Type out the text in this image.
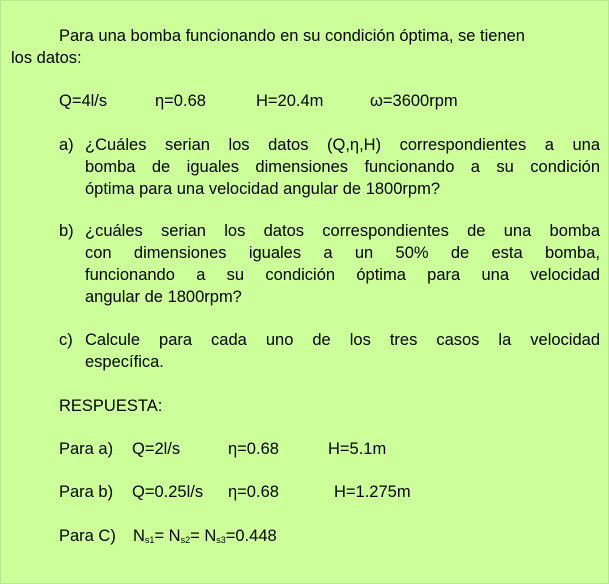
Para una bomba funcionando en su condición óptima, se tienen
los datos:
Q=4l/s	η=0.68	H=20.4m	ω=3600rpm
a) ¿Cuáles serian los datos (Q,η,H) correspondientes a una
bomba de iguales dimensiones funcionando a su condición
óptima para una velocidad angular de 1800rpm?
b) ¿cuáles serian los datos correspondientes de una bomba
con dimensiones iguales a un 50% de esta bomba,
funcionando a su condición óptima para una velocidad
angular de 1800rpm?
c) Calcule para cada uno de los tres casos la velocidad
específica.
RESPUESTA:
Para a) Q=2l/s	η=0.68	H=5.1m
Para b) Q=0.25l/s η=0.68	H=1.275m
Para C) $N_{s1}= N_{s2}= N_{s3}=0.448$
